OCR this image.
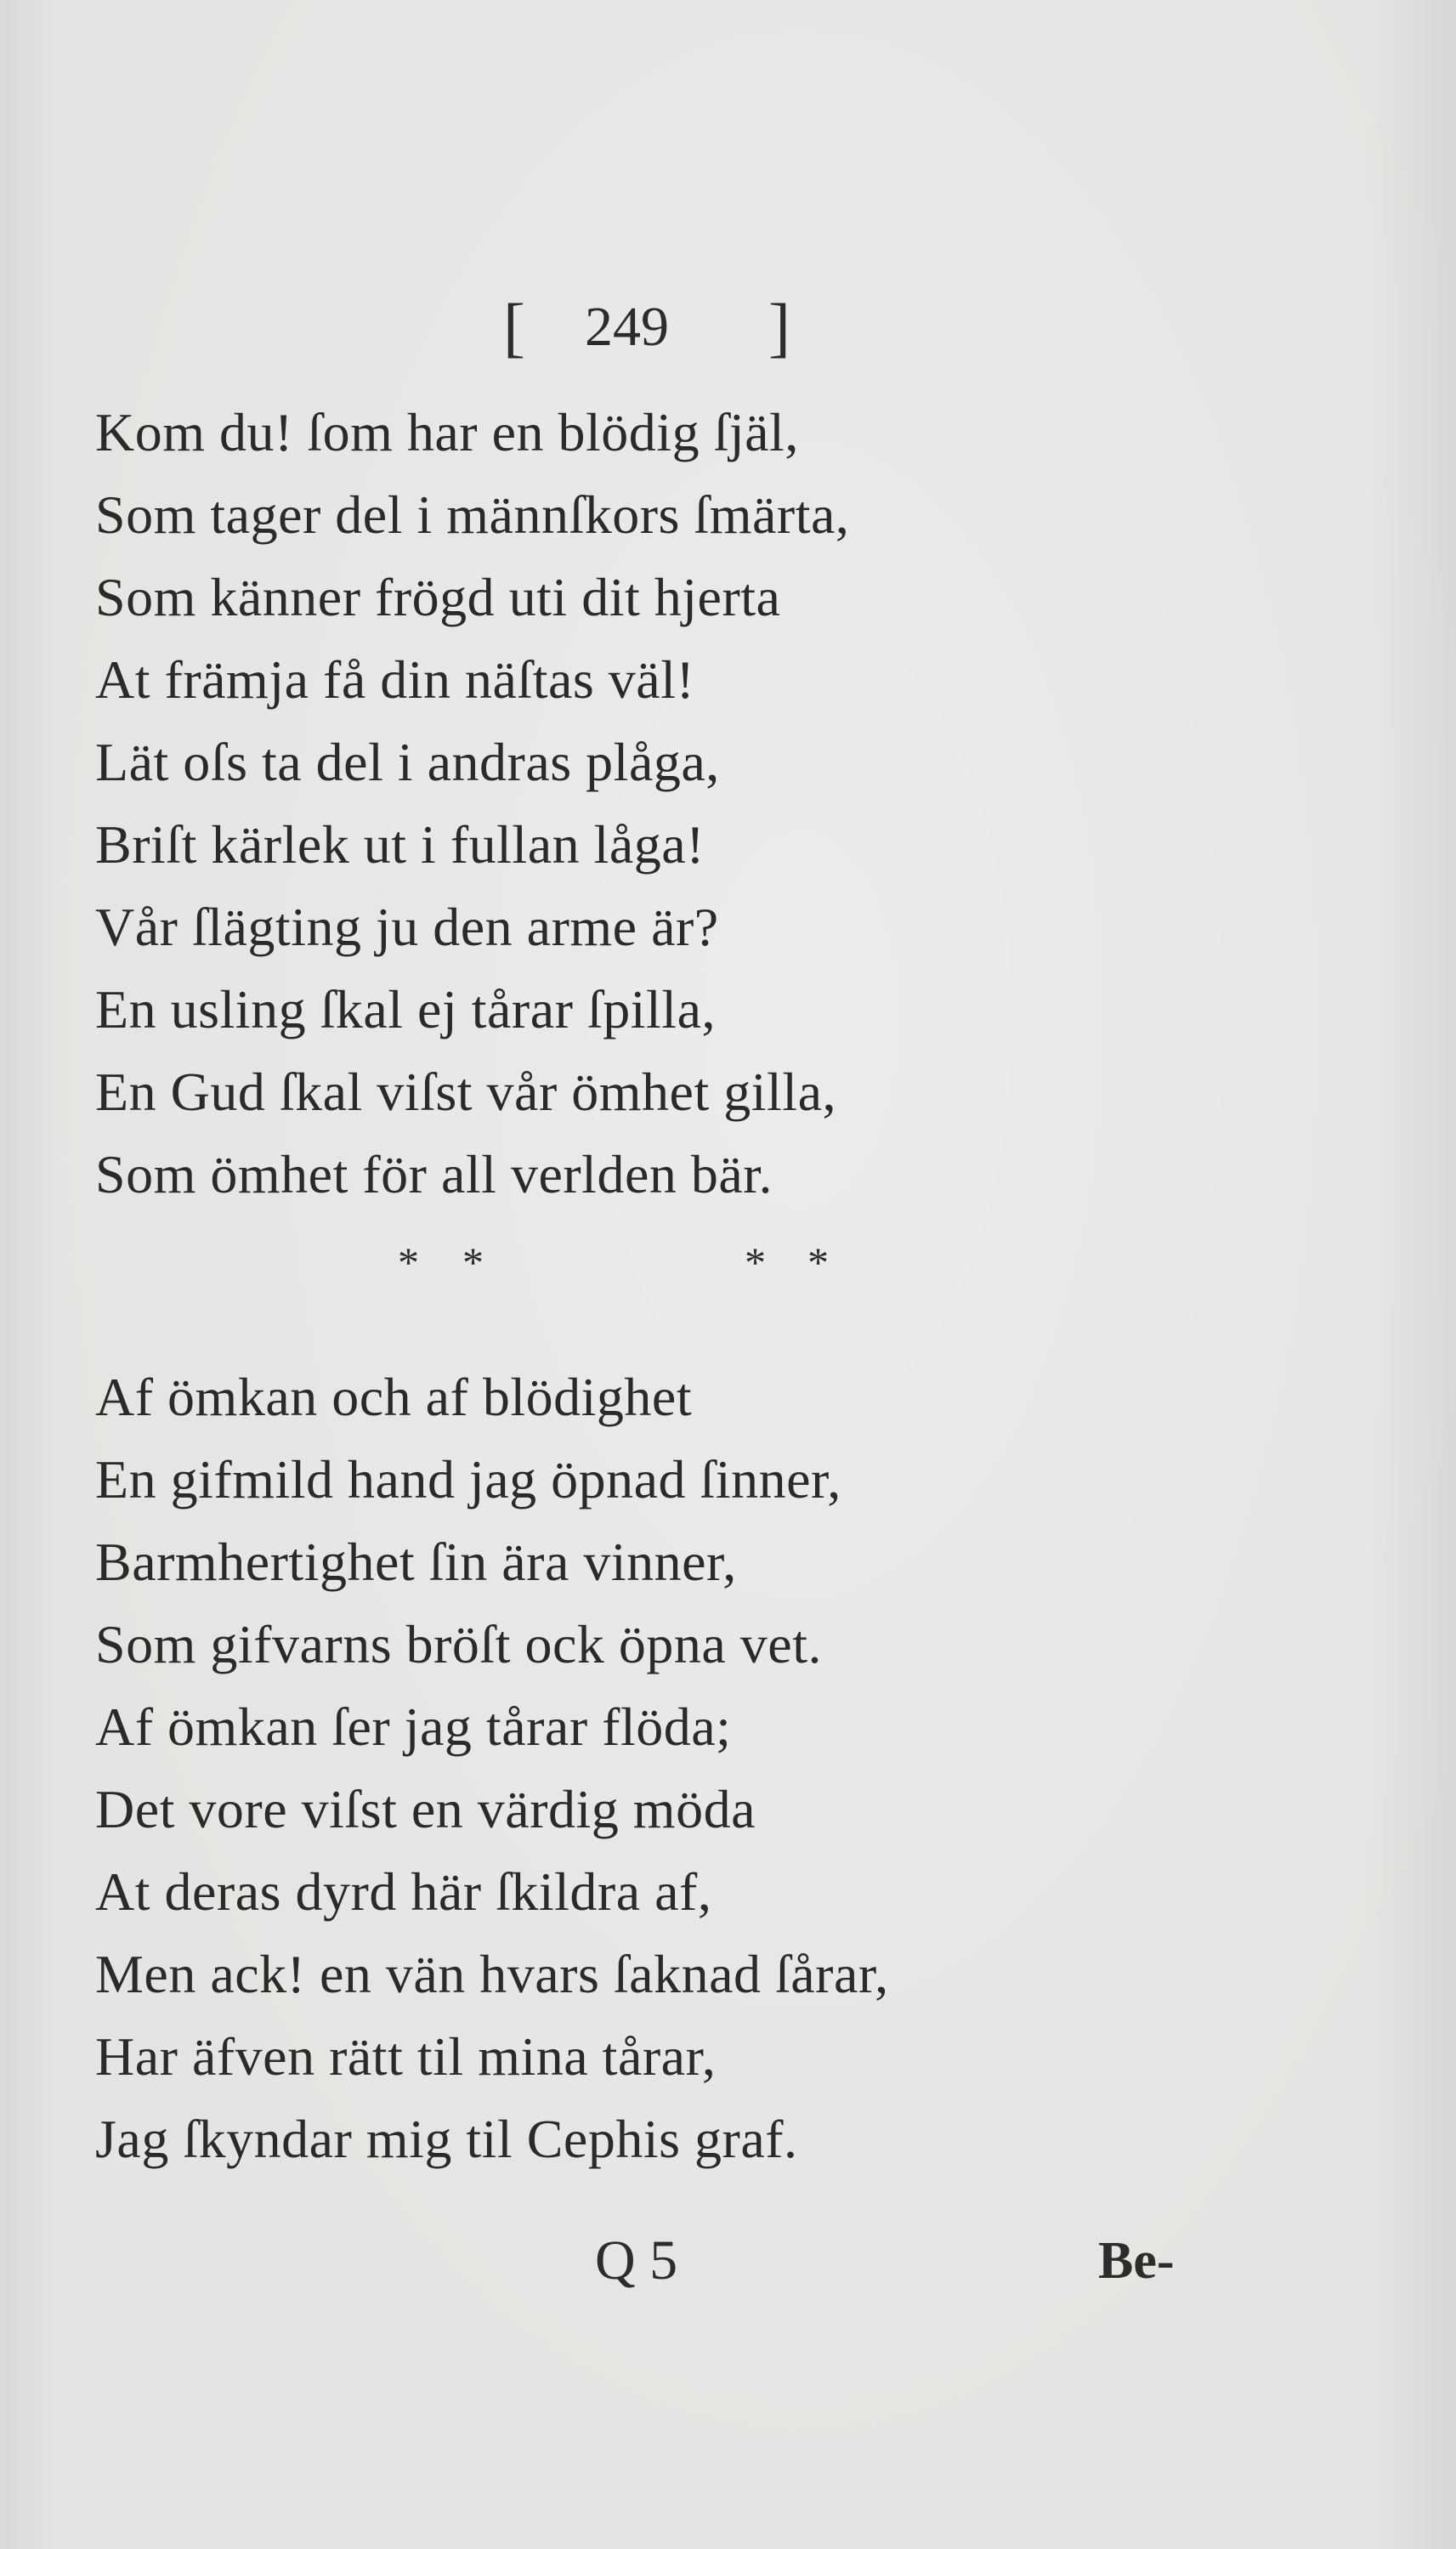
[ 249 ]
Kom du! ſom har en blödig ſjäl,
Som tager del i männſkors ſmärta,
Som känner frögd uti dit hjerta
At främja få din näſtas väl!
Lät oſs ta del i andras plåga,
Briſt kärlek ut i fullan låga!
Vår ſlägting ju den arme är?
En usling ſkal ej tårar ſpilla,
En Gud ſkal viſst vår ömhet gilla,
Som ömhet för all verlden bär.
* *	* *
Af ömkan och af blödighet
En gifmild hand jag öpnad ſinner,
Barmhertighet ſin ära vinner,
Som gifvarns bröſt ock öpna vet.
Af ömkan ſer jag tårar flöda;
Det vore viſst en värdig möda
At deras dyrd här ſkildra af,
Men ack! en vän hvars ſaknad ſårar,
Har äfven rätt til mina tårar,
Jag ſkyndar mig til Cephis graf.
Q 5	Be-
